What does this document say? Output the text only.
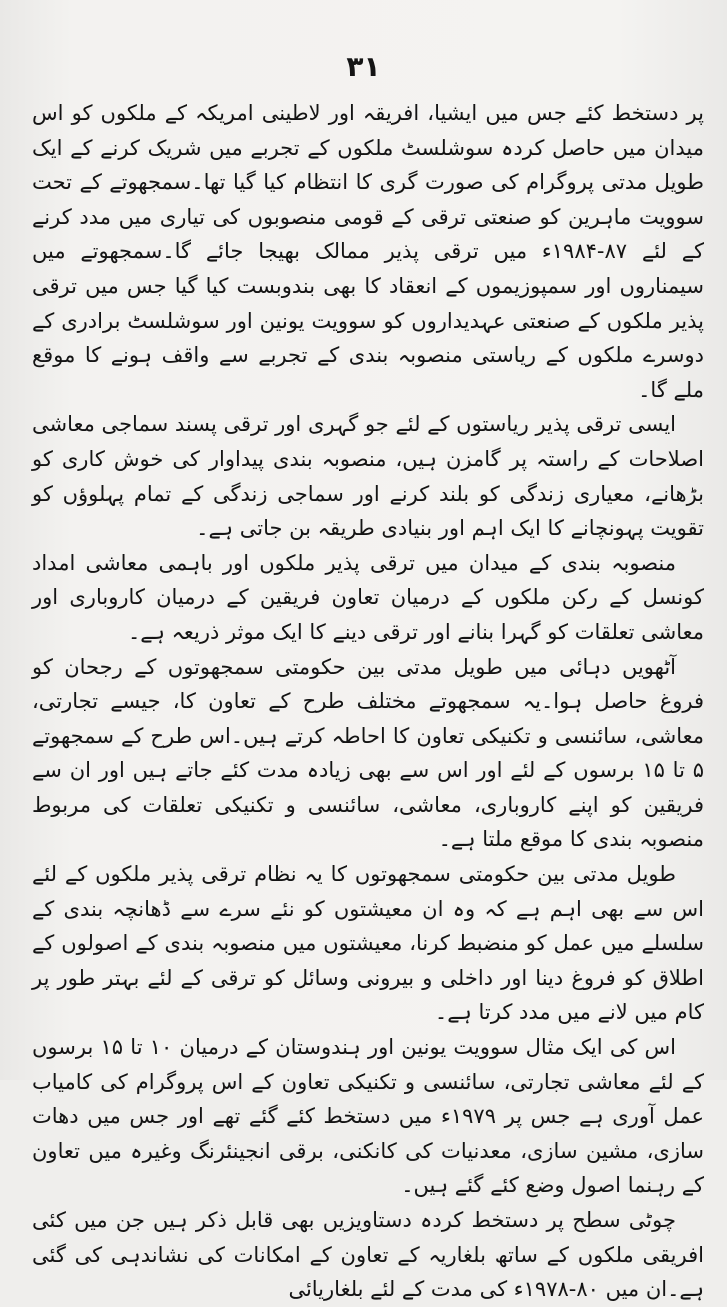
۳۱

پر دستخط کئے جس میں ایشیا، افریقہ اور لاطینی امریکہ کے ملکوں کو اس میدان میں حاصل کردہ سوشلسٹ ملکوں کے تجربے میں شریک کرنے کے ایک طویل مدتی پروگرام کی صورت گری کا انتظام کیا گیا تھا۔سمجھوتے کے تحت سوویت ماہرین کو صنعتی ترقی کے قومی منصوبوں کی تیاری میں مدد کرنے کے لئے ۸۷-۱۹۸۴ء میں ترقی پذیر ممالک بھیجا جائے گا۔سمجھوتے میں سیمناروں اور سمپوزیموں کے انعقاد کا بھی بندوبست کیا گیا جس میں ترقی پذیر ملکوں کے صنعتی عہدیداروں کو سوویت یونین اور سوشلسٹ برادری کے دوسرے ملکوں کے ریاستی منصوبہ بندی کے تجربے سے واقف ہونے کا موقع ملے گا۔

ایسی ترقی پذیر ریاستوں کے لئے جو گہری اور ترقی پسند سماجی معاشی اصلاحات کے راستہ پر گامزن ہیں، منصوبہ بندی پیداوار کی خوش کاری کو بڑھانے، معیاری زندگی کو بلند کرنے اور سماجی زندگی کے تمام پہلوؤں کو تقویت پہونچانے کا ایک اہم اور بنیادی طریقہ بن جاتی ہے۔

منصوبہ بندی کے میدان میں ترقی پذیر ملکوں اور باہمی معاشی امداد کونسل کے رکن ملکوں کے درمیان تعاون فریقین کے درمیان کاروباری اور معاشی تعلقات کو گہرا بنانے اور ترقی دینے کا ایک موثر ذریعہ ہے۔

آٹھویں دہائی میں طویل مدتی بین حکومتی سمجھوتوں کے رجحان کو فروغ حاصل ہوا۔یہ سمجھوتے مختلف طرح کے تعاون کا، جیسے تجارتی، معاشی، سائنسی و تکنیکی تعاون کا احاطہ کرتے ہیں۔اس طرح کے سمجھوتے ۵ تا ۱۵ برسوں کے لئے اور اس سے بھی زیادہ مدت کئے جاتے ہیں اور ان سے فریقین کو اپنے کاروباری، معاشی، سائنسی و تکنیکی تعلقات کی مربوط منصوبہ بندی کا موقع ملتا ہے۔

طویل مدتی بین حکومتی سمجھوتوں کا یہ نظام ترقی پذیر ملکوں کے لئے اس سے بھی اہم ہے کہ وہ ان معیشتوں کو نئے سرے سے ڈھانچہ بندی کے سلسلے میں عمل کو منضبط کرنا، معیشتوں میں منصوبہ بندی کے اصولوں کے اطلاق کو فروغ دینا اور داخلی و بیرونی وسائل کو ترقی کے لئے بہتر طور پر کام میں لانے میں مدد کرتا ہے۔

اس کی ایک مثال سوویت یونین اور ہندوستان کے درمیان ۱۰ تا ۱۵ برسوں کے لئے معاشی تجارتی، سائنسی و تکنیکی تعاون کے اس پروگرام کی کامیاب عمل آوری ہے جس پر ۱۹۷۹ء میں دستخط کئے گئے تھے اور جس میں دھات سازی، مشین سازی، معدنیات کی کانکنی، برقی انجینئرنگ وغیرہ میں تعاون کے رہنما اصول وضع کئے گئے ہیں۔

چوٹی سطح پر دستخط کردہ دستاویزیں بھی قابل ذکر ہیں جن میں کئی افریقی ملکوں کے ساتھ بلغاریہ کے تعاون کے امکانات کی نشاندہی کی گئی ہے۔ان میں ۸۰-۱۹۷۸ء کی مدت کے لئے بلغاریائی
